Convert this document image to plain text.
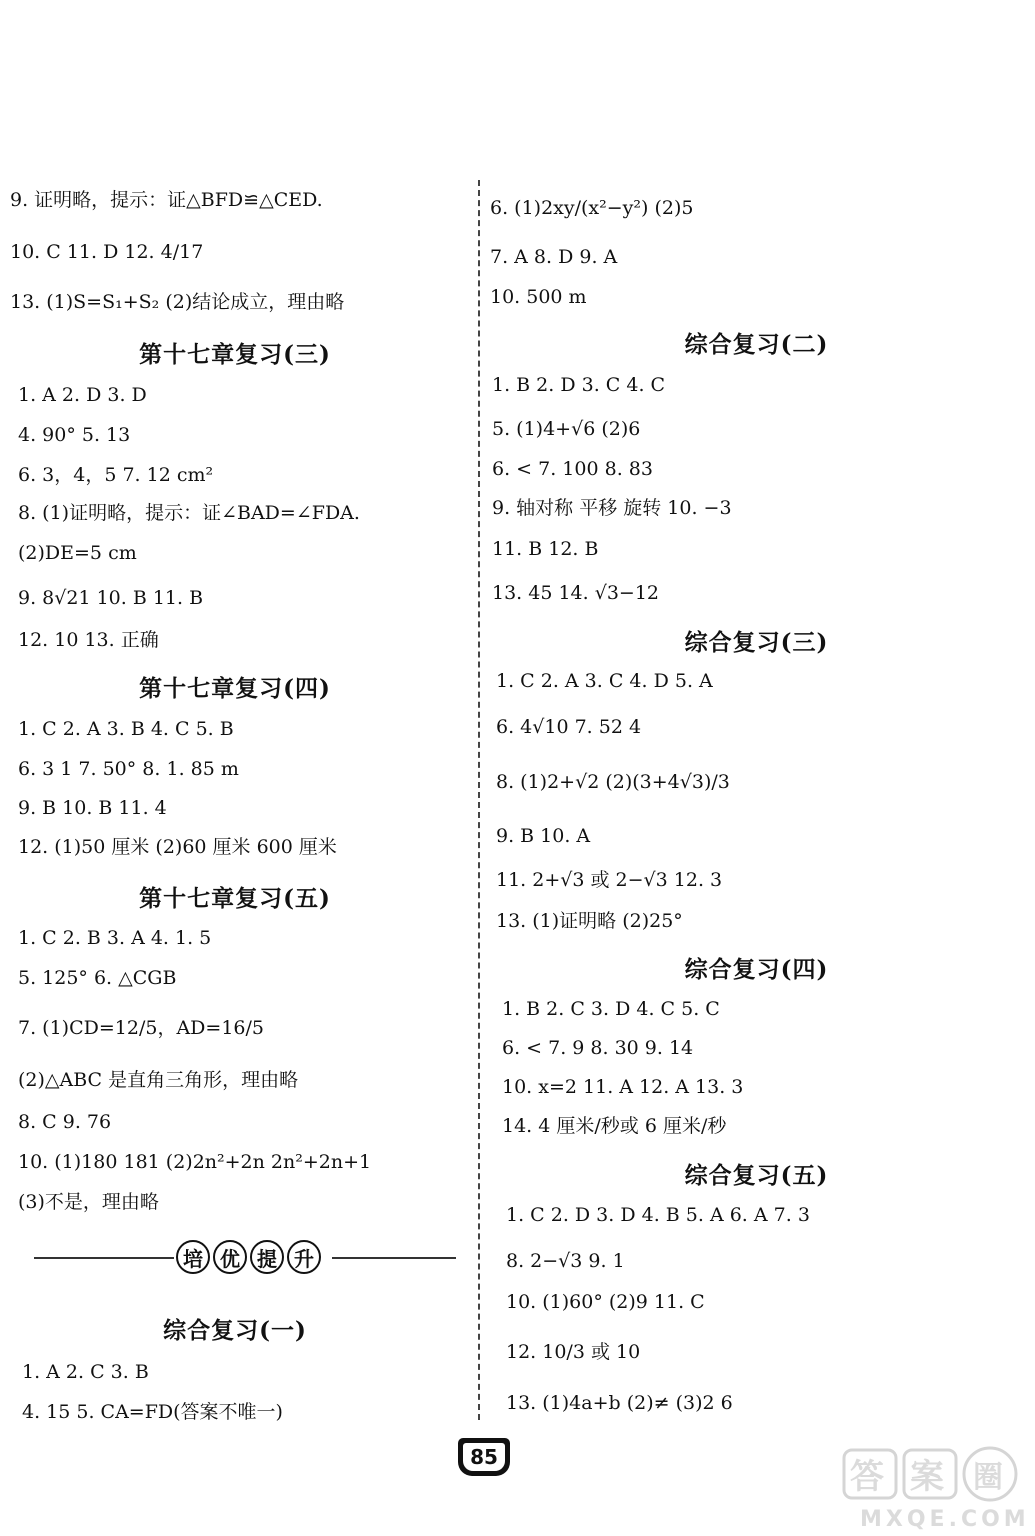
9. 证明略，提示：证△BFD≌△CED.
10. C 11. D 12. 4/17
13. (1)S=S₁+S₂ (2)结论成立，理由略
第十七章复习(三)
1. A 2. D 3. D
4. 90° 5. 13
6. 3，4，5 7. 12 cm²
8. (1)证明略，提示：证∠BAD=∠FDA.
(2)DE=5 cm
9. 8√21 10. B 11. B
12. 10 13. 正确
第十七章复习(四)
1. C 2. A 3. B 4. C 5. B
6. 3 1 7. 50° 8. 1. 85 m
9. B 10. B 11. 4
12. (1)50 厘米 (2)60 厘米 600 厘米
第十七章复习(五)
1. C 2. B 3. A 4. 1. 5
5. 125° 6. △CGB
7. (1)CD=12/5，AD=16/5
(2)△ABC 是直角三角形，理由略
8. C 9. 76
10. (1)180 181 (2)2n²+2n 2n²+2n+1
(3)不是，理由略
综合复习(一)
1. A 2. C 3. B
4. 15 5. CA=FD(答案不唯一)
培 优 提 升
6. (1)2xy/(x²−y²) (2)5
7. A 8. D 9. A
10. 500 m
综合复习(二)
1. B 2. D 3. C 4. C
5. (1)4+√6 (2)6
6. < 7. 100 8. 83
9. 轴对称 平移 旋转 10. −3
11. B 12. B
13. 45 14. √3−12
综合复习(三)
1. C 2. A 3. C 4. D 5. A
6. 4√10 7. 52 4
8. (1)2+√2 (2)(3+4√3)/3
9. B 10. A
11. 2+√3 或 2−√3 12. 3
13. (1)证明略 (2)25°
综合复习(四)
1. B 2. C 3. D 4. C 5. C
6. < 7. 9 8. 30 9. 14
10. x=2 11. A 12. A 13. 3
14. 4 厘米/秒或 6 厘米/秒
综合复习(五)
1. C 2. D 3. D 4. B 5. A 6. A 7. 3
8. 2−√3 9. 1
10. (1)60° (2)9 11. C
12. 10/3 或 10
13. (1)4a+b (2)≠ (3)2 6
85	答 案 圈
MXQE.COM
